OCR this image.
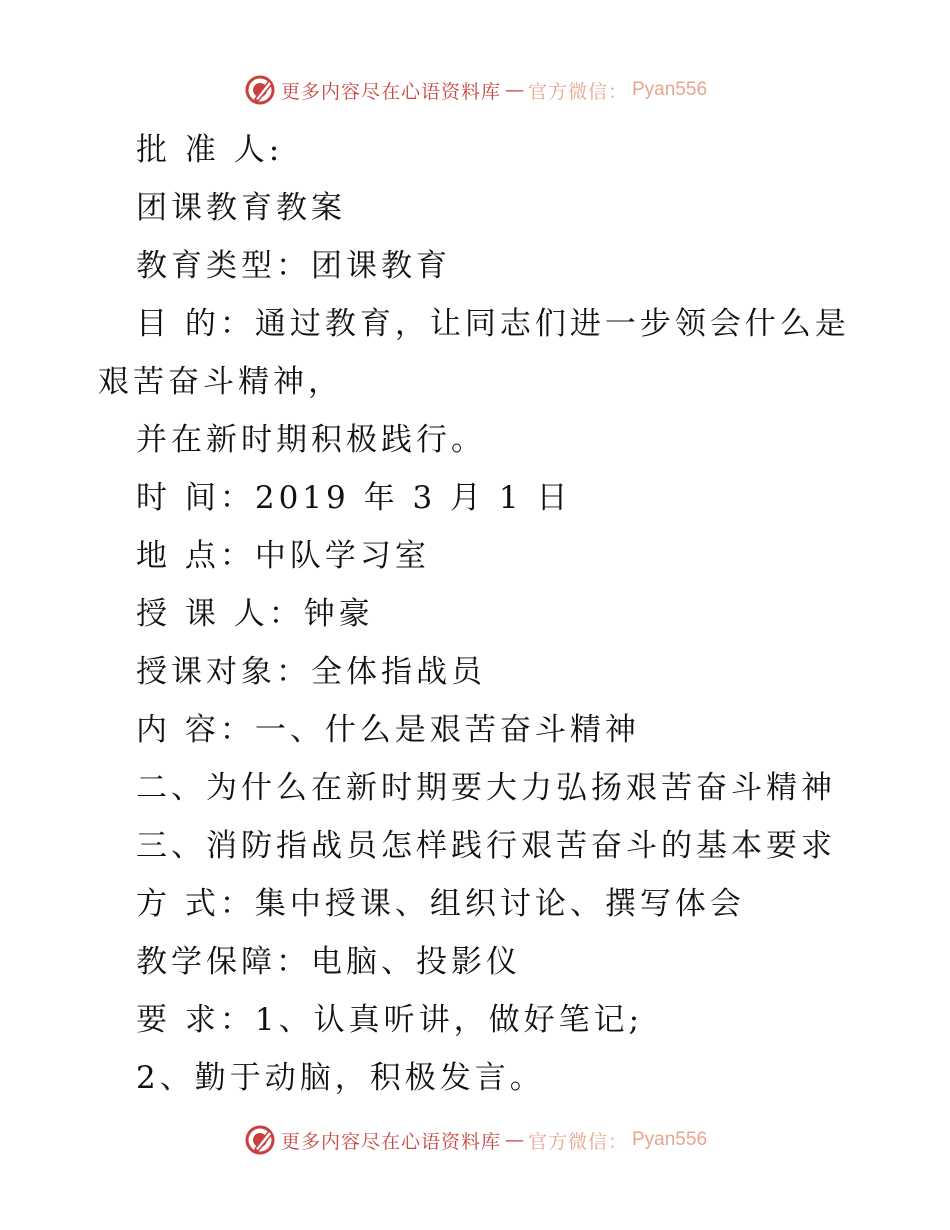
更多内容尽在心语资料库 — 官方微信： Pyan556
批 准 人:
团课教育教案
教育类型：团课教育
目 的：通过教育，让同志们进一步领会什么是
艰苦奋斗精神，
并在新时期积极践行。
时 间：2019 年 3 月 1 日
地 点：中队学习室
授 课 人：钟豪
授课对象：全体指战员
内 容：一、什么是艰苦奋斗精神
二、为什么在新时期要大力弘扬艰苦奋斗精神
三、消防指战员怎样践行艰苦奋斗的基本要求
方 式：集中授课、组织讨论、撰写体会
教学保障：电脑、投影仪
要 求：1、认真听讲，做好笔记;
2、勤于动脑，积极发言。
更多内容尽在心语资料库 — 官方微信： Pyan556
